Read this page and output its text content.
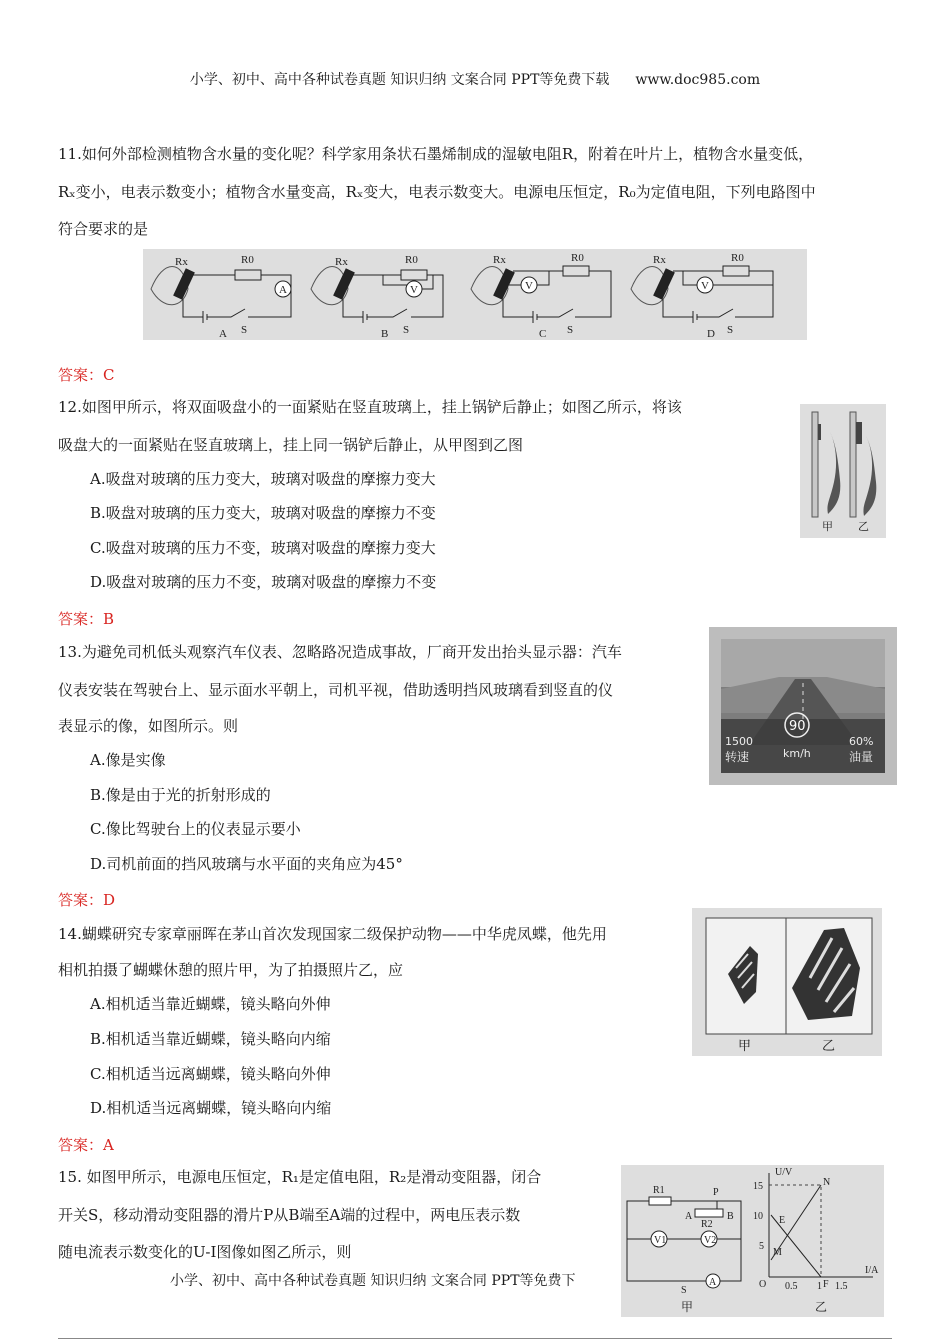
小学、初中、高中各种试卷真题 知识归纳 文案合同 PPT等免费下载 www.doc985.com
11.如何外部检测植物含水量的变化呢？科学家用条状石墨烯制成的湿敏电阻R，附着在叶片上，植物含水量变低，
Rₓ变小，电表示数变小；植物含水量变高，Rₓ变大，电表示数变大。电源电压恒定，R₀为定值电阻，下列电路图中
符合要求的是
Rx	R0
A
S
A
Rx	R0
V
S
B
Rx	R0
V
S
C
Rx	R0
V
S
D
答案：C
12.如图甲所示，将双面吸盘小的一面紧贴在竖直玻璃上，挂上锅铲后静止；如图乙所示，将该
吸盘大的一面紧贴在竖直玻璃上，挂上同一锅铲后静止，从甲图到乙图
A.吸盘对玻璃的压力变大，玻璃对吸盘的摩擦力变大
B.吸盘对玻璃的压力变大，玻璃对吸盘的摩擦力不变
C.吸盘对玻璃的压力不变，玻璃对吸盘的摩擦力变大
D.吸盘对玻璃的压力不变，玻璃对吸盘的摩擦力不变
甲 乙
答案：B
13.为避免司机低头观察汽车仪表、忽略路况造成事故，厂商开发出抬头显示器：汽车
仪表安装在驾驶台上、显示面水平朝上，司机平视，借助透明挡风玻璃看到竖直的仪
表显示的像，如图所示。则
A.像是实像
B.像是由于光的折射形成的
C.像比驾驶台上的仪表显示要小
D.司机前面的挡风玻璃与水平面的夹角应为45°
90
1500
转速	km/h
60%
油量
答案：D
14.蝴蝶研究专家章丽晖在茅山首次发现国家二级保护动物——中华虎凤蝶，他先用
相机拍摄了蝴蝶休憩的照片甲，为了拍摄照片乙，应
A.相机适当靠近蝴蝶，镜头略向外伸
B.相机适当靠近蝴蝶，镜头略向内缩
C.相机适当远离蝴蝶，镜头略向外伸
D.相机适当远离蝴蝶，镜头略向内缩
甲	乙
答案：A
15. 如图甲所示，电源电压恒定，R₁是定值电阻，R₂是滑动变阻器，闭合
开关S，移动滑动变阻器的滑片P从B端至A端的过程中，两电压表示数
随电流表示数变化的U-I图像如图乙所示，则
R1
R2
A	B
P
V1	V2
A
S
甲
U/V
I/A
O
15
10
5
0.5 1 1.5
N
E
M
F
乙
小学、初中、高中各种试卷真题 知识归纳 文案合同 PPT等免费下
